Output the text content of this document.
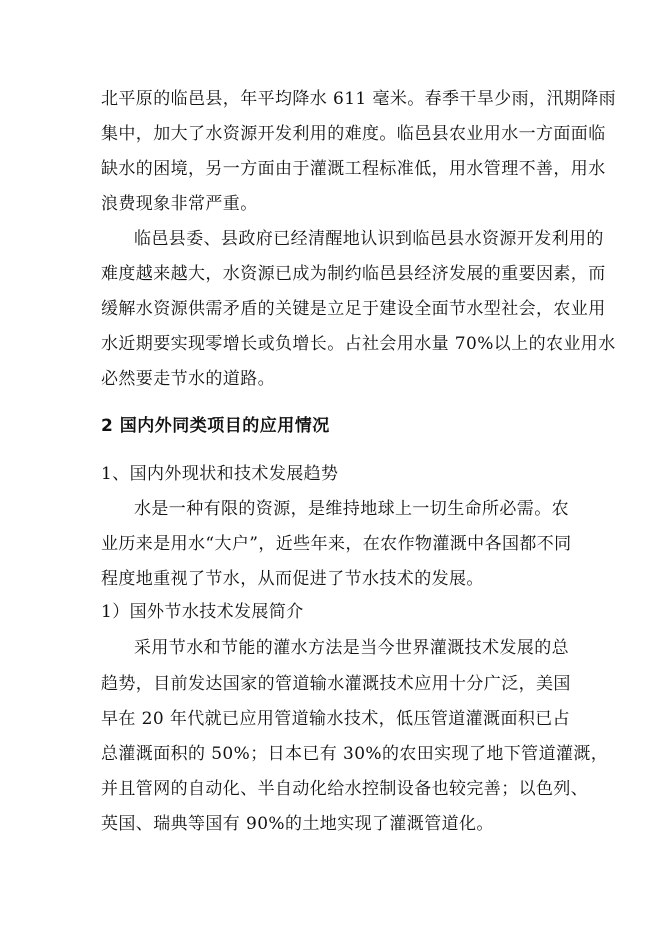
北平原的临邑县，年平均降水 611 毫米。春季干旱少雨，汛期降雨
集中，加大了水资源开发利用的难度。临邑县农业用水一方面面临
缺水的困境，另一方面由于灌溉工程标准低，用水管理不善，用水
浪费现象非常严重。
临邑县委、县政府已经清醒地认识到临邑县水资源开发利用的
难度越来越大，水资源已成为制约临邑县经济发展的重要因素，而
缓解水资源供需矛盾的关键是立足于建设全面节水型社会，农业用
水近期要实现零增长或负增长。占社会用水量 70%以上的农业用水
必然要走节水的道路。
2 国内外同类项目的应用情况
1、国内外现状和技术发展趋势
水是一种有限的资源，是维持地球上一切生命所必需。农
业历来是用水“大户”，近些年来，在农作物灌溉中各国都不同
程度地重视了节水，从而促进了节水技术的发展。
1）国外节水技术发展简介
采用节水和节能的灌水方法是当今世界灌溉技术发展的总
趋势，目前发达国家的管道输水灌溉技术应用十分广泛，美国
早在 20 年代就已应用管道输水技术，低压管道灌溉面积已占
总灌溉面积的 50%；日本已有 30%的农田实现了地下管道灌溉，
并且管网的自动化、半自动化给水控制设备也较完善；以色列、
英国、瑞典等国有 90%的土地实现了灌溉管道化。
